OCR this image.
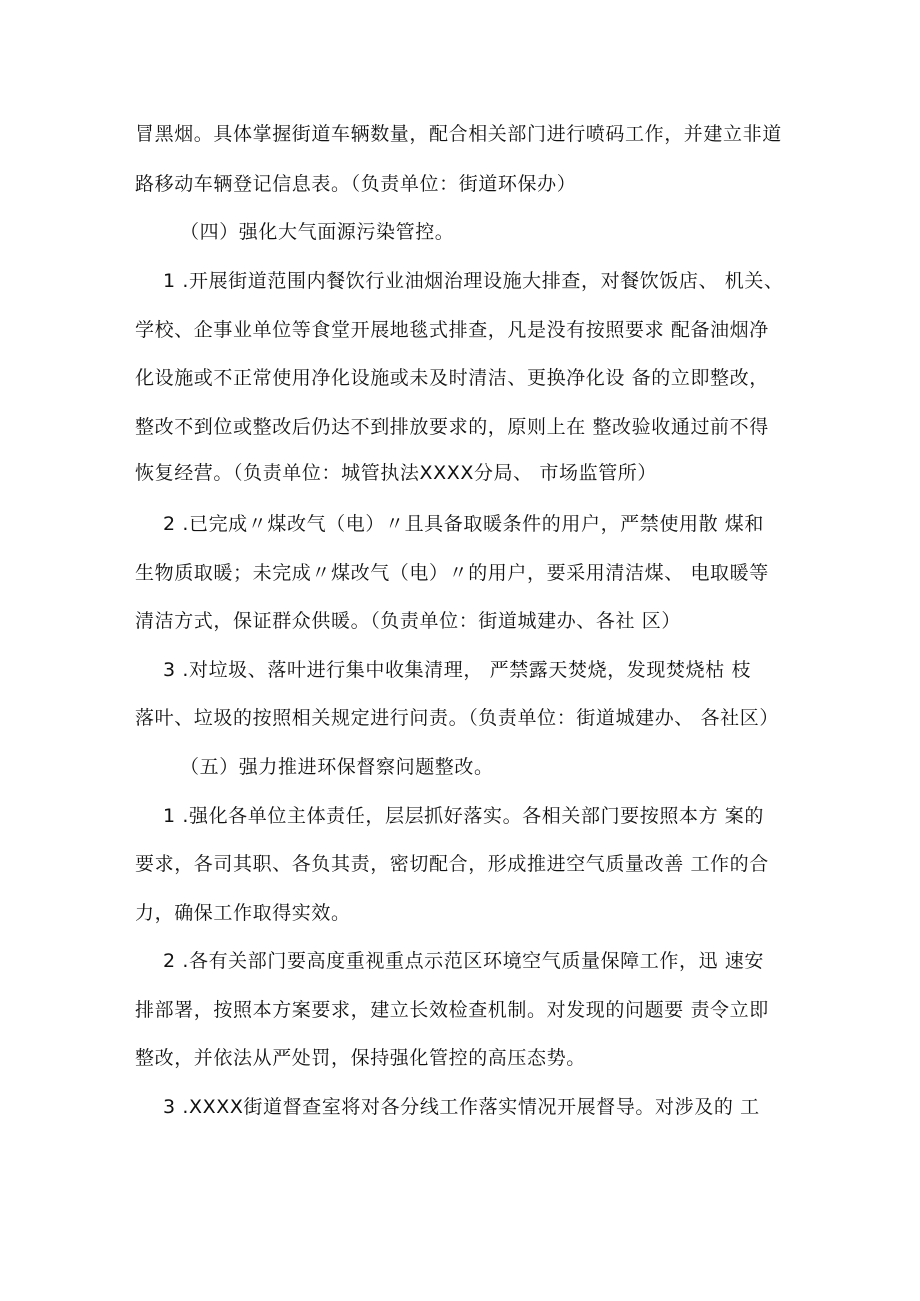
冒黑烟。具体掌握街道车辆数量，配合相关部门进行喷码工作，并建立非道
路移动车辆登记信息表。（负责单位：街道环保办）
（四）强化大气面源污染管控。
1 .开展街道范围内餐饮行业油烟治理设施大排查，对餐饮饭店、 机关、
学校、企事业单位等食堂开展地毯式排查，凡是没有按照要求 配备油烟净
化设施或不正常使用净化设施或未及时清洁、更换净化设 备的立即整改，
整改不到位或整改后仍达不到排放要求的，原则上在 整改验收通过前不得
恢复经营。（负责单位：城管执法XXXX分局、 市场监管所）
2 .已完成〃煤改气（电）〃且具备取暖条件的用户，严禁使用散 煤和
生物质取暖；未完成〃煤改气（电）〃的用户，要采用清洁煤、 电取暖等
清洁方式，保证群众供暖。（负责单位：街道城建办、各社 区）
3 .对垃圾、落叶进行集中收集清理， 严禁露天焚烧，发现焚烧枯 枝
落叶、垃圾的按照相关规定进行问责。（负责单位：街道城建办、 各社区）
（五）强力推进环保督察问题整改。
1 .强化各单位主体责任，层层抓好落实。各相关部门要按照本方 案的
要求，各司其职、各负其责，密切配合，形成推进空气质量改善 工作的合
力，确保工作取得实效。
2 .各有关部门要高度重视重点示范区环境空气质量保障工作，迅 速安
排部署，按照本方案要求，建立长效检查机制。对发现的问题要 责令立即
整改，并依法从严处罚，保持强化管控的高压态势。
3 .XXXX街道督查室将对各分线工作落实情况开展督导。对涉及的 工
